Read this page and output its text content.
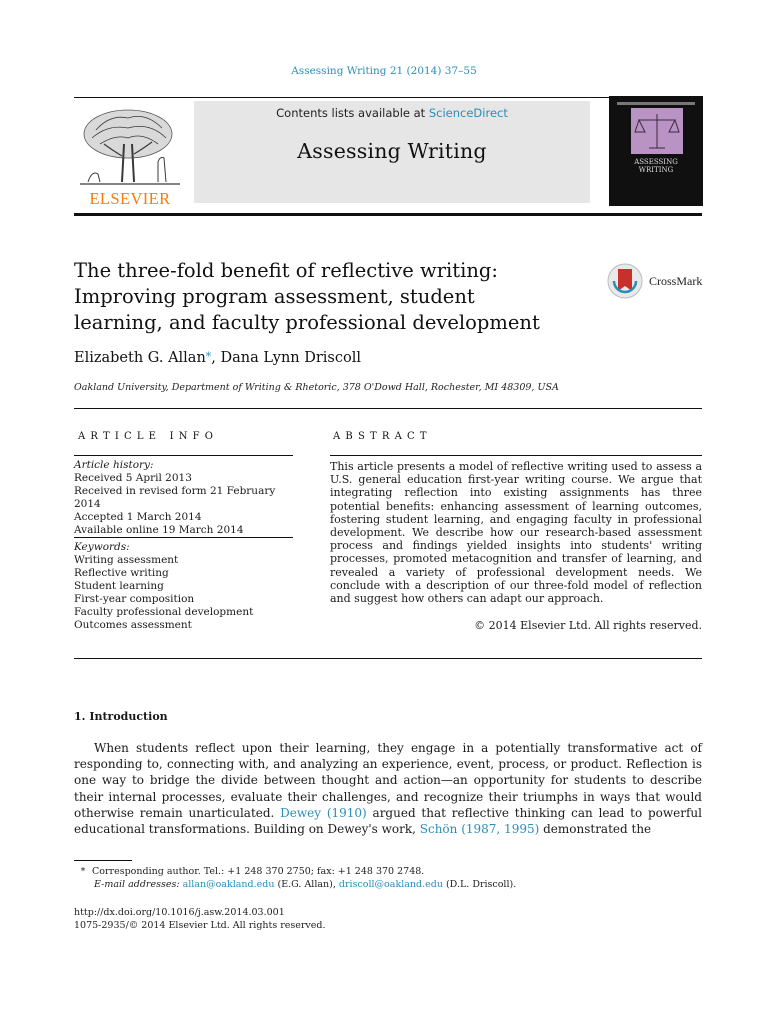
Assessing Writing 21 (2014) 37–55
ELSEVIER
Contents lists available at ScienceDirect
Assessing Writing	ASSESSING
WRITING
The three-fold benefit of reflective writing:
Improving program assessment, student
learning, and faculty professional development
CrossMark
Elizabeth G. Allan*, Dana Lynn Driscoll
Oakland University, Department of Writing & Rhetoric, 378 O'Dowd Hall, Rochester, MI 48309, USA
ARTICLE INFO
Article history:
Received 5 April 2013
Received in revised form 21 February 2014
Accepted 1 March 2014
Available online 19 March 2014
Keywords:
Writing assessment
Reflective writing
Student learning
First-year composition
Faculty professional development
Outcomes assessment
ABSTRACT
This article presents a model of reflective writing used to assess a U.S. general education first-year writing course. We argue that integrating reflection into existing assignments has three potential benefits: enhancing assessment of learning outcomes, fostering student learning, and engaging faculty in professional development. We describe how our research-based assessment process and findings yielded insights into students' writing processes, promoted metacognition and transfer of learning, and revealed a variety of professional development needs. We conclude with a description of our three-fold model of reflection and suggest how others can adapt our approach.
© 2014 Elsevier Ltd. All rights reserved.
1. Introduction
When students reflect upon their learning, they engage in a potentially transformative act of responding to, connecting with, and analyzing an experience, event, process, or product. Reflection is one way to bridge the divide between thought and action—an opportunity for students to describe their internal processes, evaluate their challenges, and recognize their triumphs in ways that would otherwise remain unarticulated. Dewey (1910) argued that reflective thinking can lead to powerful educational transformations. Building on Dewey's work, Schön (1987, 1995) demonstrated the
* Corresponding author. Tel.: +1 248 370 2750; fax: +1 248 370 2748.
E-mail addresses: allan@oakland.edu (E.G. Allan), driscoll@oakland.edu (D.L. Driscoll).
http://dx.doi.org/10.1016/j.asw.2014.03.001
1075-2935/© 2014 Elsevier Ltd. All rights reserved.
